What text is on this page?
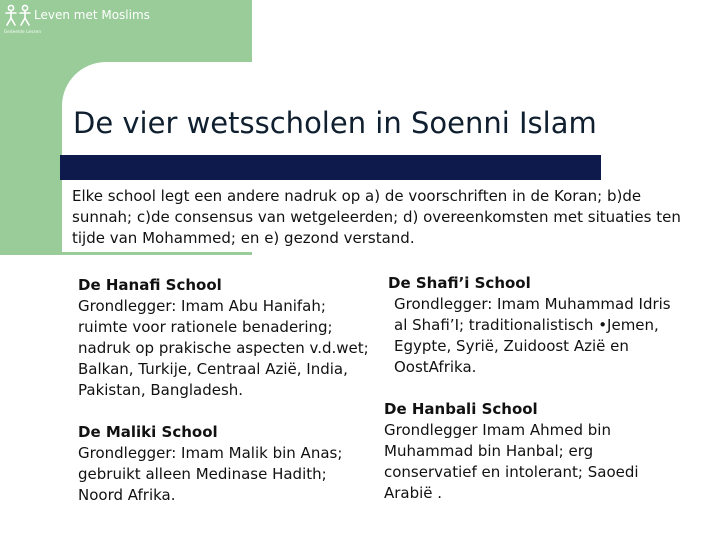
Gedeelde Lessen
Leven met Moslims
De vier wetsscholen in Soenni Islam

Elke school legt een andere nadruk op a) de voorschriften in de Koran; b)de sunnah; c)de consensus van wetgeleerden; d) overeenkomsten met situaties ten tijde van Mohammed; en e) gezond verstand.

De Hanafi School

Grondlegger: Imam Abu Hanifah; ruimte voor rationele benadering; nadruk op prakische aspecten v.d.wet; Balkan, Turkije, Centraal Azië, India, Pakistan, Bangladesh.

De Maliki School

Grondlegger: Imam Malik bin Anas; gebruikt alleen Medinase Hadith; Noord Afrika.

De Shafi’i School

Grondlegger: Imam Muhammad Idris al Shafi’I; traditionalistisch •Jemen, Egypte, Syrië, Zuidoost Azië en OostAfrika.

De Hanbali School

Grondlegger Imam Ahmed bin Muhammad bin Hanbal; erg conservatief en intolerant; Saoedi Arabië .
